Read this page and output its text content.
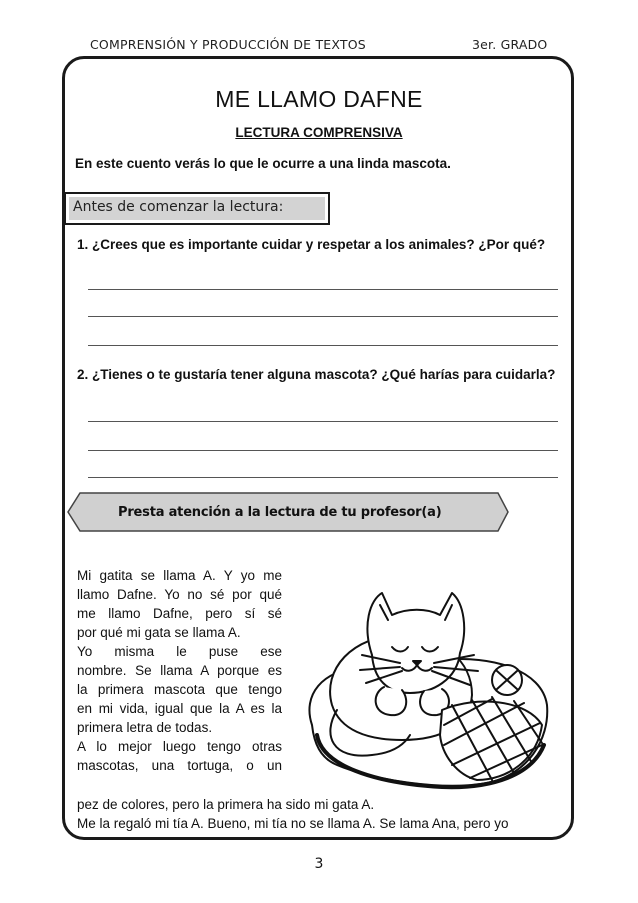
COMPRENSIÓN Y PRODUCCIÓN DE TEXTOS	3er. GRADO
ME LLAMO DAFNE
LECTURA COMPRENSIVA
En este cuento verás lo que le ocurre a una linda mascota.
Antes de comenzar la lectura:
1. ¿Crees que es importante cuidar y respetar a los animales? ¿Por qué?
2. ¿Tienes o te gustaría tener alguna mascota? ¿Qué harías para cuidarla?
Presta atención a la lectura de tu profesor(a)

Mi gatita se llama A. Y yo me

llamo Dafne. Yo no sé por qué

me llamo Dafne, pero sí sé

por qué mi gata se llama A.

Yo misma le puse ese

nombre. Se llama A porque es

la primera mascota que tengo

en mi vida, igual que la A es la

primera letra de todas.

A lo mejor luego tengo otras

mascotas, una tortuga, o un

pez de colores, pero la primera ha sido mi gata A.

Me la regaló mi tía A. Bueno, mi tía no se llama A. Se lama Ana, pero yo

3
